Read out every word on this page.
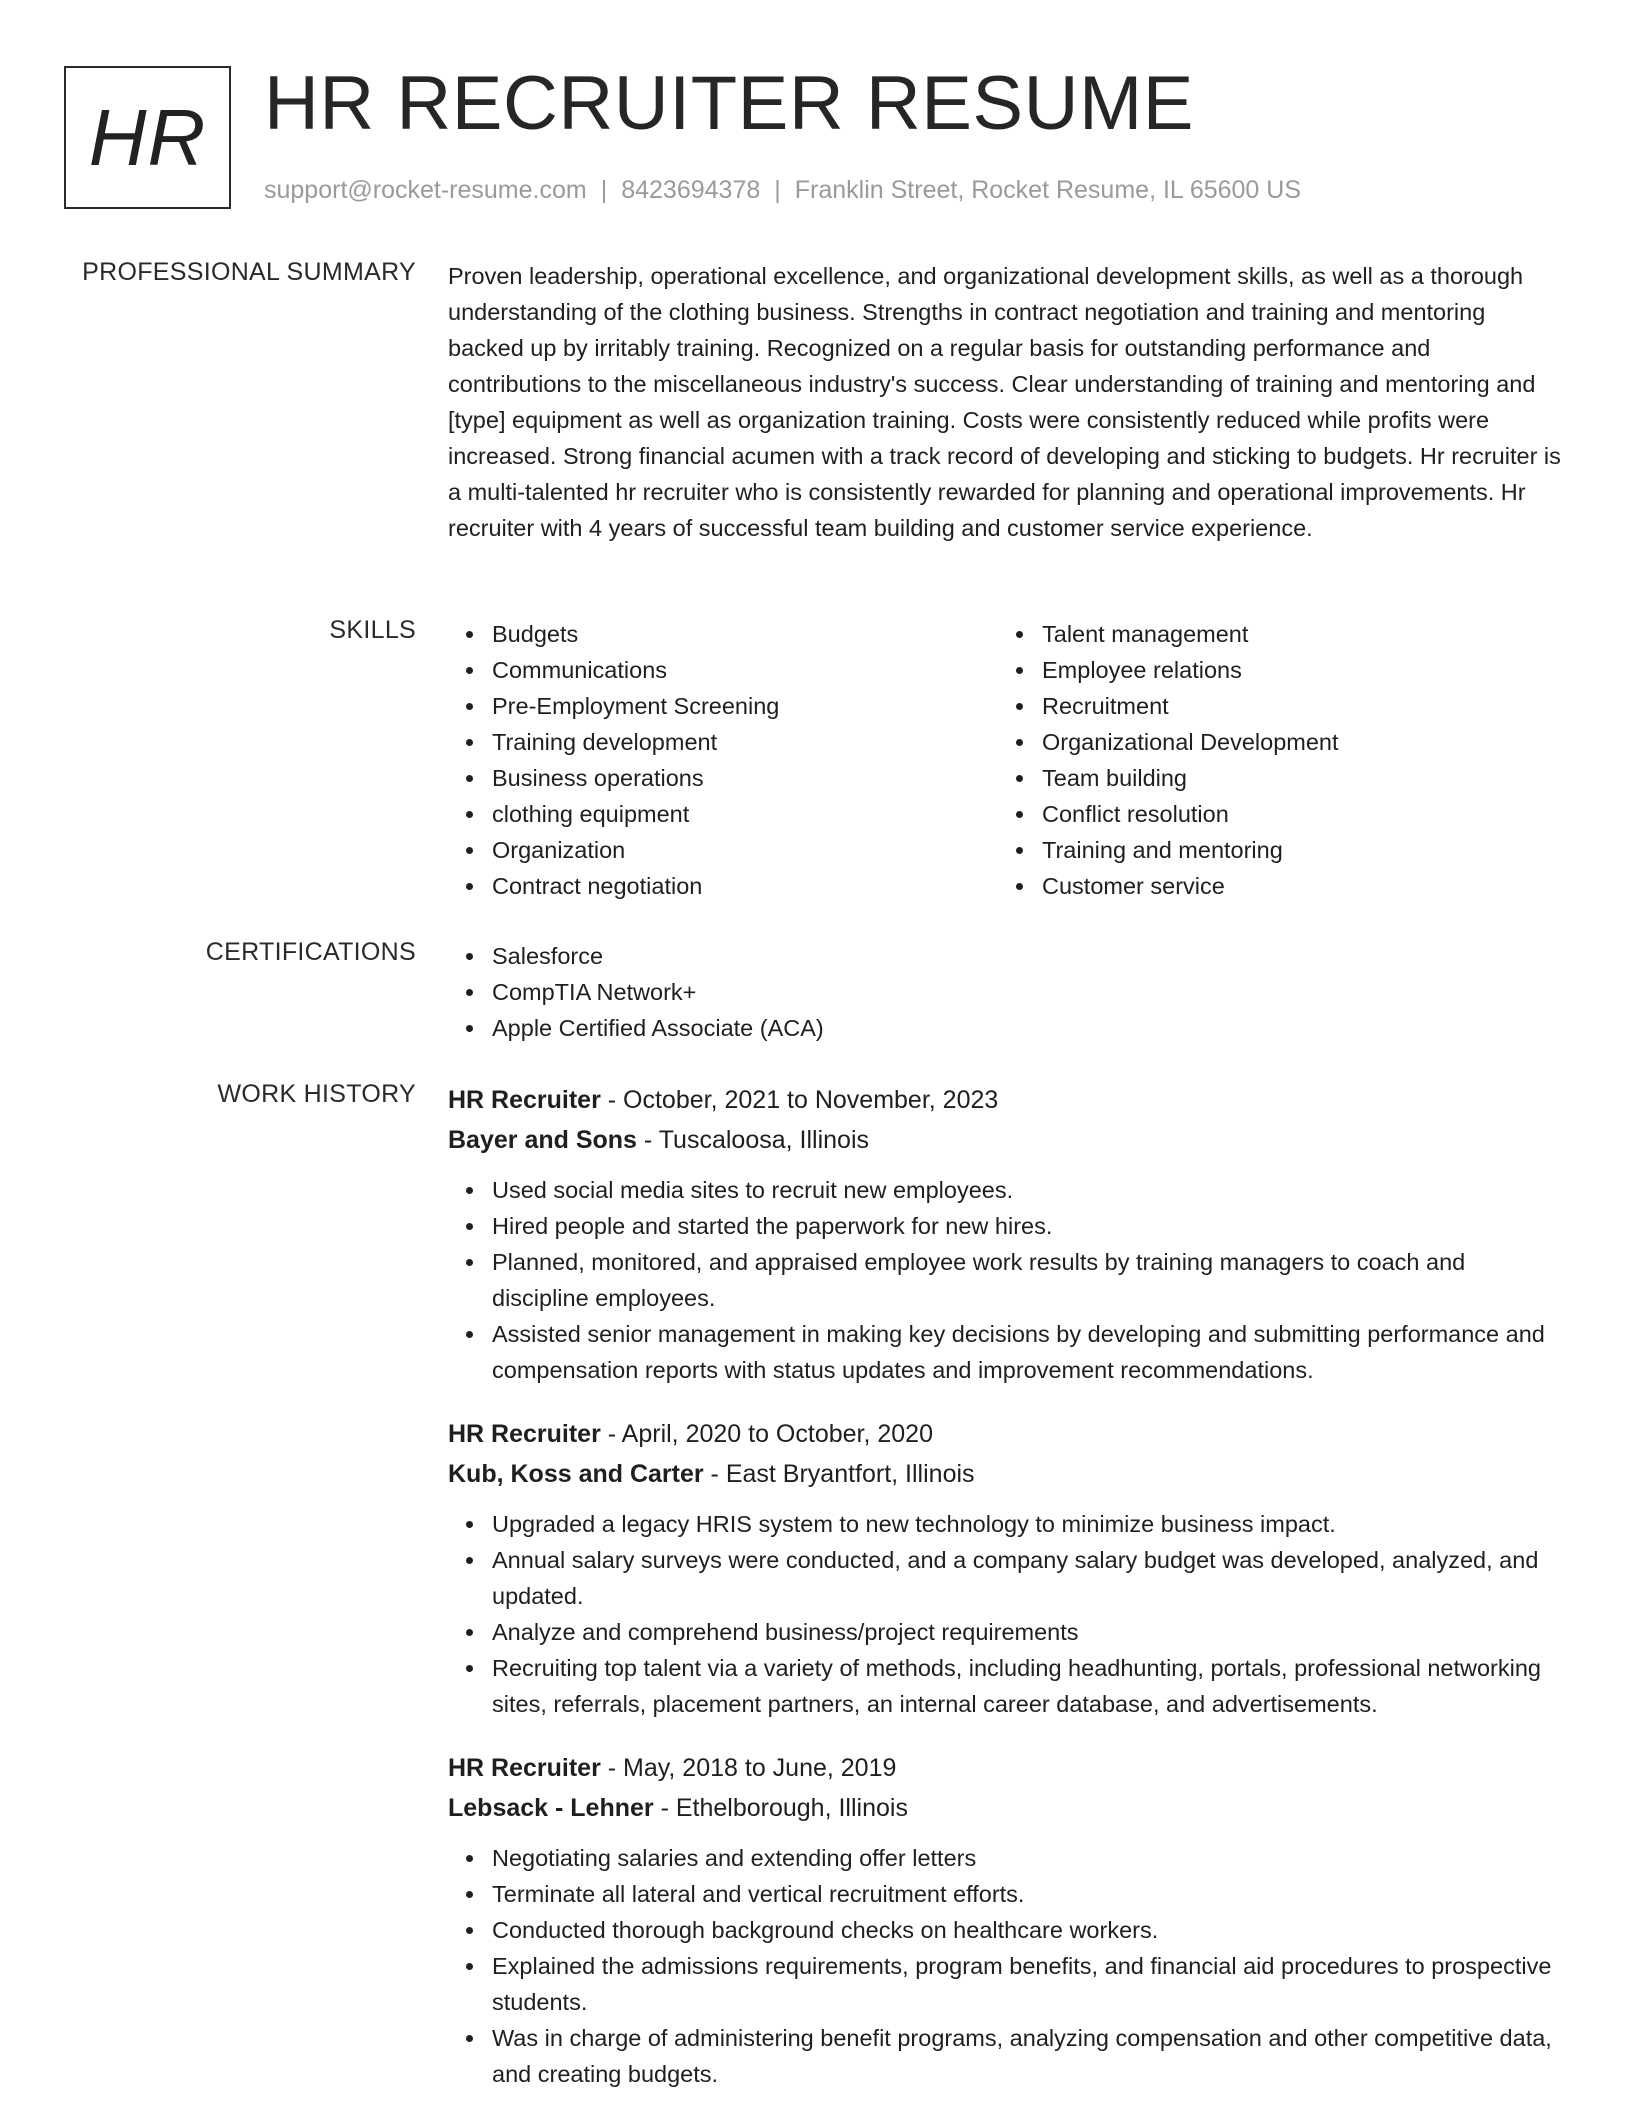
HR HR RECRUITER RESUME
support@rocket-resume.com | 8423694378 | Franklin Street, Rocket Resume, IL 65600 US
PROFESSIONAL SUMMARY Proven leadership, operational excellence, and organizational development skills, as well as a thorough understanding of the clothing business. Strengths in contract negotiation and training and mentoring backed up by irritably training. Recognized on a regular basis for outstanding performance and contributions to the miscellaneous industry's success. Clear understanding of training and mentoring and [type] equipment as well as organization training. Costs were consistently reduced while profits were increased. Strong financial acumen with a track record of developing and sticking to budgets. Hr recruiter is a multi-talented hr recruiter who is consistently rewarded for planning and operational improvements. Hr recruiter with 4 years of successful team building and customer service experience.
SKILLS	Budgets
Communications
Pre-Employment Screening
Training development
Business operations
clothing equipment
Organization
Contract negotiation
Talent management
Employee relations
Recruitment
Organizational Development
Team building
Conflict resolution
Training and mentoring
Customer service
CERTIFICATIONS	Salesforce
CompTIA Network+
Apple Certified Associate (ACA)
WORK HISTORY HR Recruiter - October, 2021 to November, 2023
Bayer and Sons - Tuscaloosa, Illinois
Used social media sites to recruit new employees.
Hired people and started the paperwork for new hires.
Planned, monitored, and appraised employee work results by training managers to coach and discipline employees.
Assisted senior management in making key decisions by developing and submitting performance and compensation reports with status updates and improvement recommendations.
HR Recruiter - April, 2020 to October, 2020
Kub, Koss and Carter - East Bryantfort, Illinois
Upgraded a legacy HRIS system to new technology to minimize business impact.
Annual salary surveys were conducted, and a company salary budget was developed, analyzed, and updated.
Analyze and comprehend business/project requirements
Recruiting top talent via a variety of methods, including headhunting, portals, professional networking sites, referrals, placement partners, an internal career database, and advertisements.
HR Recruiter - May, 2018 to June, 2019
Lebsack - Lehner - Ethelborough, Illinois
Negotiating salaries and extending offer letters
Terminate all lateral and vertical recruitment efforts.
Conducted thorough background checks on healthcare workers.
Explained the admissions requirements, program benefits, and financial aid procedures to prospective students.
Was in charge of administering benefit programs, analyzing compensation and other competitive data, and creating budgets.
